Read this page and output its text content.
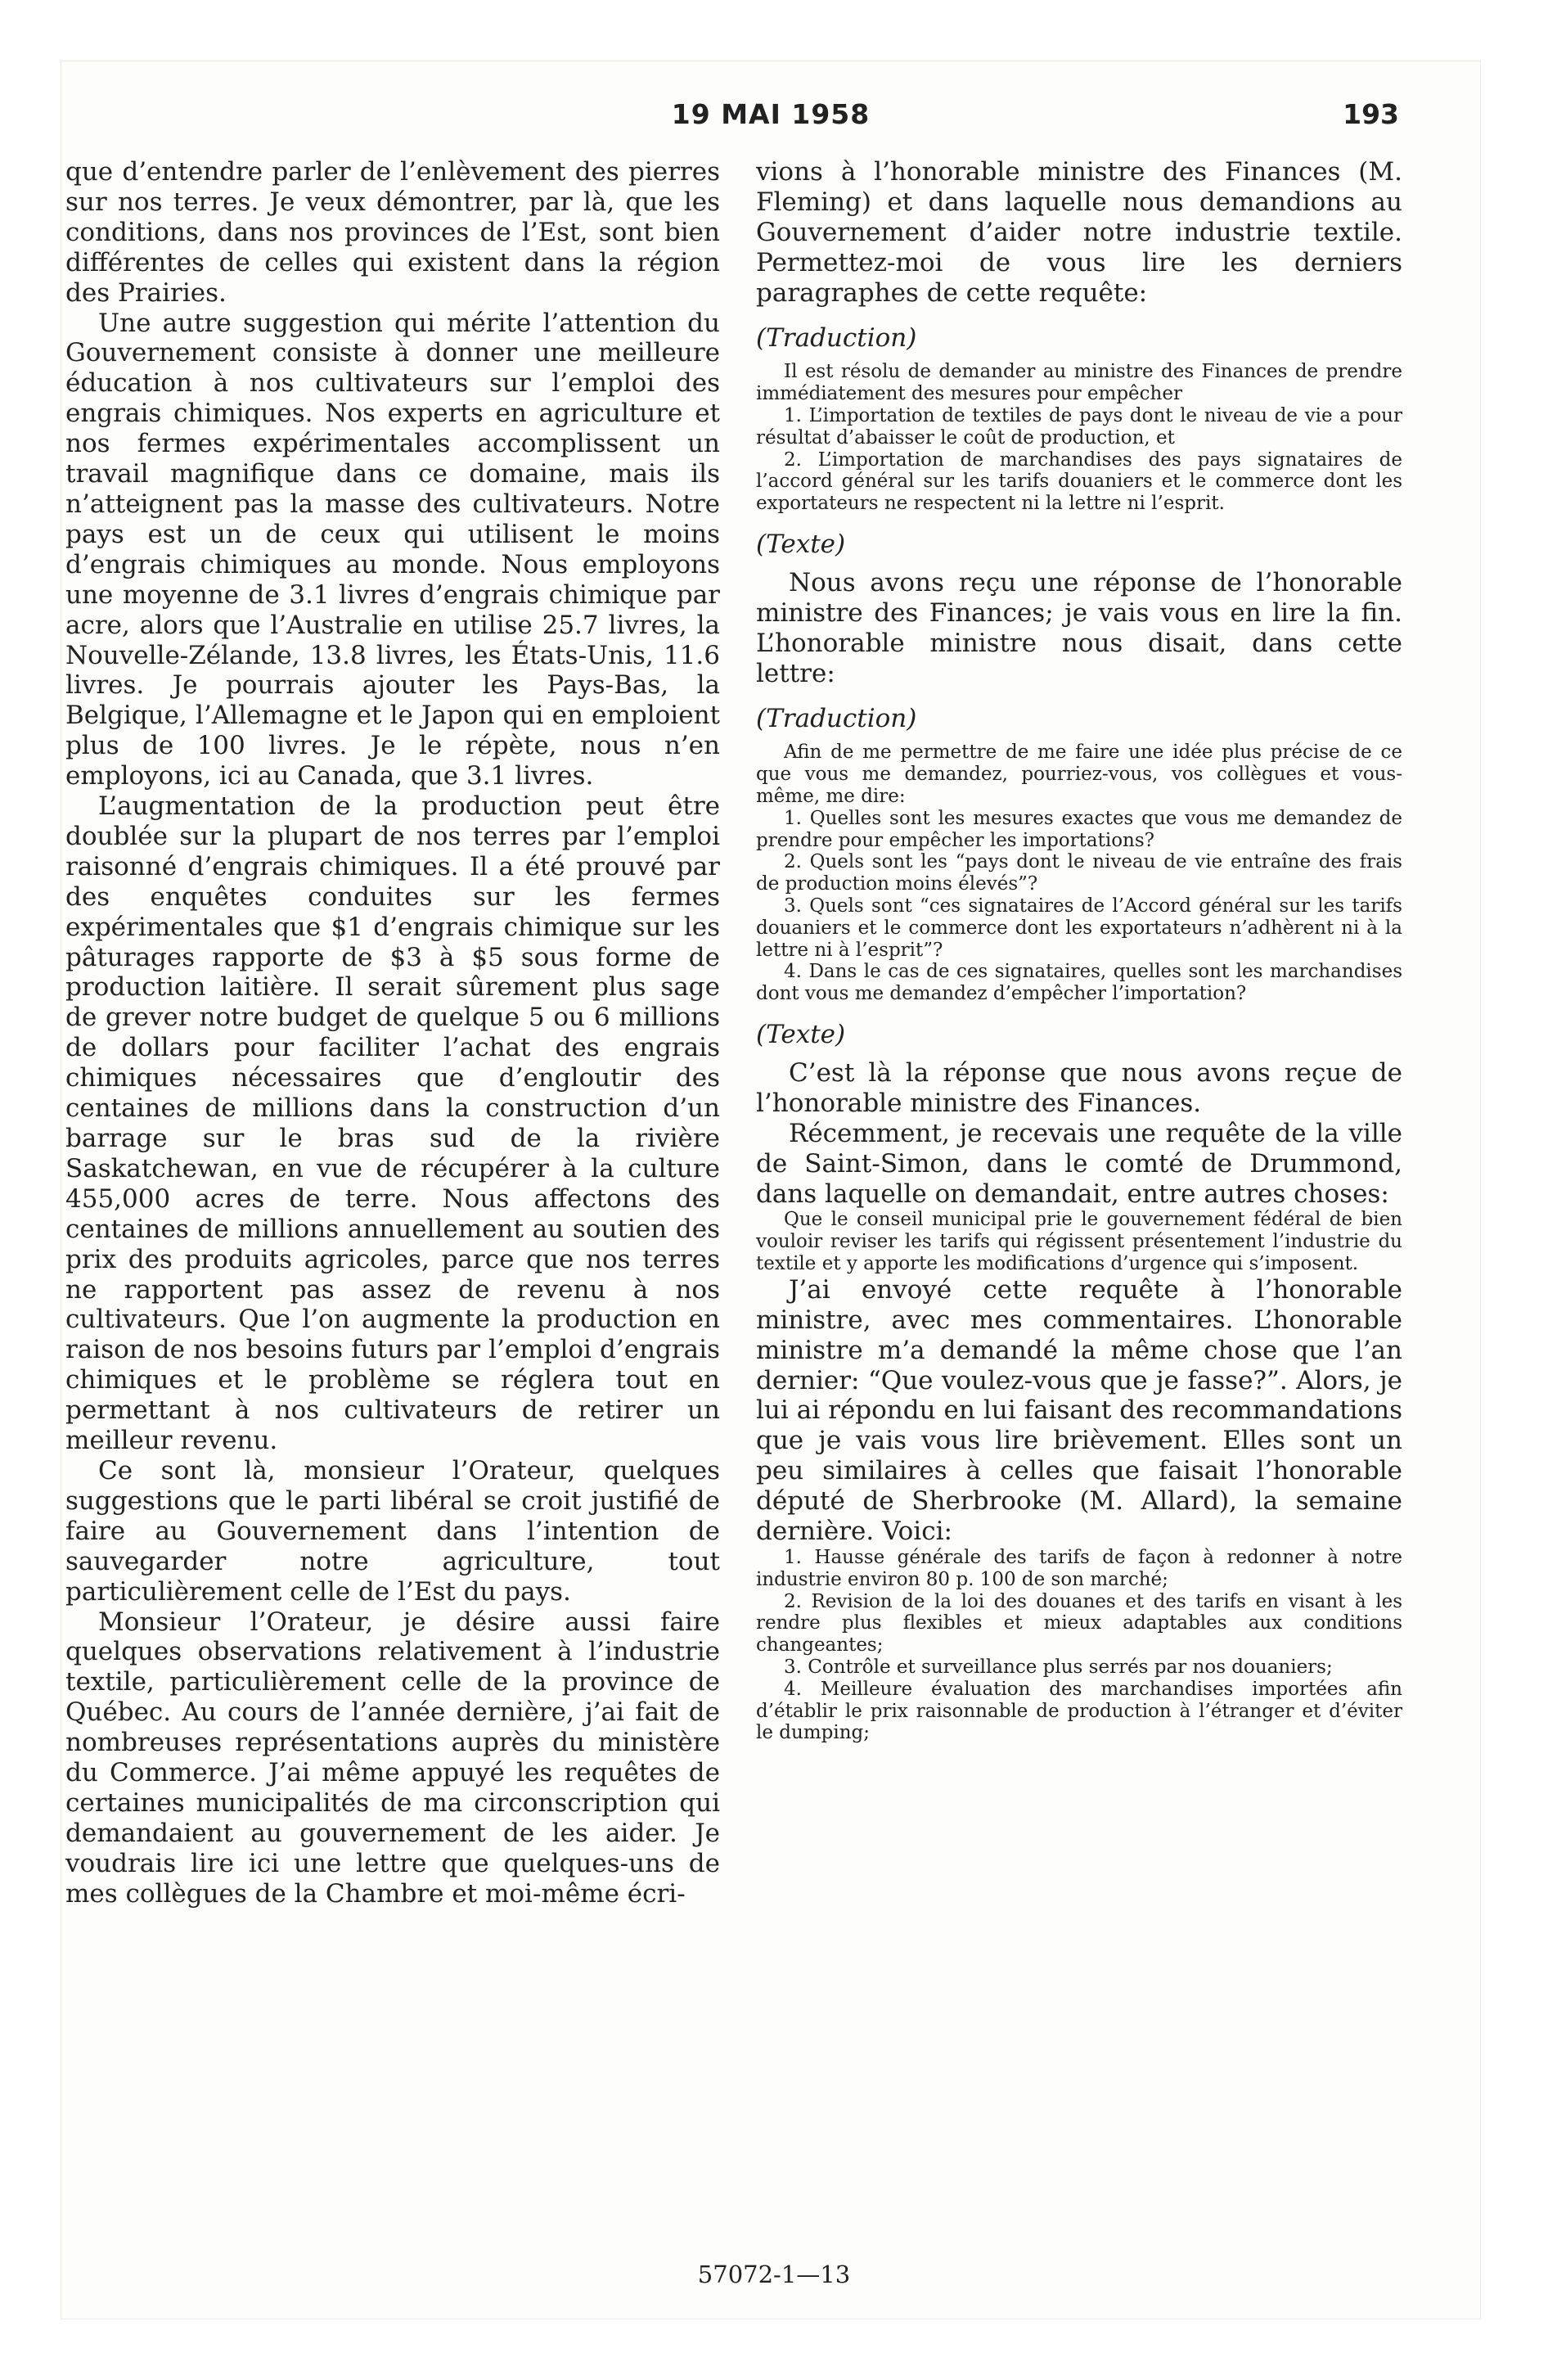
19 MAI 1958	193

que d’entendre parler de l’enlèvement des pierres sur nos terres. Je veux démontrer, par là, que les conditions, dans nos provinces de l’Est, sont bien différentes de celles qui existent dans la région des Prairies.

Une autre suggestion qui mérite l’attention du Gouvernement consiste à donner une meilleure éducation à nos cultivateurs sur l’emploi des engrais chimiques. Nos experts en agriculture et nos fermes expérimentales accomplissent un travail magnifique dans ce domaine, mais ils n’atteignent pas la masse des cultivateurs. Notre pays est un de ceux qui utilisent le moins d’engrais chimiques au monde. Nous employons une moyenne de 3.1 livres d’engrais chimique par acre, alors que l’Australie en utilise 25.7 livres, la Nouvelle-Zélande, 13.8 livres, les États-Unis, 11.6 livres. Je pourrais ajouter les Pays-Bas, la Belgique, l’Allemagne et le Japon qui en emploient plus de 100 livres. Je le répète, nous n’en employons, ici au Canada, que 3.1 livres.

L’augmentation de la production peut être doublée sur la plupart de nos terres par l’emploi raisonné d’engrais chimiques. Il a été prouvé par des enquêtes conduites sur les fermes expérimentales que $1 d’engrais chimique sur les pâturages rapporte de $3 à $5 sous forme de production laitière. Il serait sûrement plus sage de grever notre budget de quelque 5 ou 6 millions de dollars pour faciliter l’achat des engrais chimiques nécessaires que d’engloutir des centaines de millions dans la construction d’un barrage sur le bras sud de la rivière Saskatchewan, en vue de récupérer à la culture 455,000 acres de terre. Nous affectons des centaines de millions annuellement au soutien des prix des produits agricoles, parce que nos terres ne rapportent pas assez de revenu à nos cultivateurs. Que l’on augmente la production en raison de nos besoins futurs par l’emploi d’engrais chimiques et le problème se réglera tout en permettant à nos cultivateurs de retirer un meilleur revenu.

Ce sont là, monsieur l’Orateur, quelques suggestions que le parti libéral se croit justifié de faire au Gouvernement dans l’intention de sauvegarder notre agriculture, tout particulièrement celle de l’Est du pays.

Monsieur l’Orateur, je désire aussi faire quelques observations relativement à l’industrie textile, particulièrement celle de la province de Québec. Au cours de l’année dernière, j’ai fait de nombreuses représentations auprès du ministère du Commerce. J’ai même appuyé les requêtes de certaines municipalités de ma circonscription qui demandaient au gouvernement de les aider. Je voudrais lire ici une lettre que quelques-uns de mes collègues de la Chambre et moi-même écri-

vions à l’honorable ministre des Finances (M. Fleming) et dans laquelle nous demandions au Gouvernement d’aider notre industrie textile. Permettez-moi de vous lire les derniers paragraphes de cette requête:

(Traduction)

Il est résolu de demander au ministre des Finances de prendre immédiatement des mesures pour empêcher

1. L’importation de textiles de pays dont le niveau de vie a pour résultat d’abaisser le coût de production, et

2. L’importation de marchandises des pays signataires de l’accord général sur les tarifs douaniers et le commerce dont les exportateurs ne respectent ni la lettre ni l’esprit.

(Texte)

Nous avons reçu une réponse de l’honorable ministre des Finances; je vais vous en lire la fin. L’honorable ministre nous disait, dans cette lettre:

(Traduction)

Afin de me permettre de me faire une idée plus précise de ce que vous me demandez, pourriez-vous, vos collègues et vous-même, me dire:

1. Quelles sont les mesures exactes que vous me demandez de prendre pour empêcher les importations?

2. Quels sont les “pays dont le niveau de vie entraîne des frais de production moins élevés”?

3. Quels sont “ces signataires de l’Accord général sur les tarifs douaniers et le commerce dont les exportateurs n’adhèrent ni à la lettre ni à l’esprit”?

4. Dans le cas de ces signataires, quelles sont les marchandises dont vous me demandez d’empêcher l’importation?

(Texte)

C’est là la réponse que nous avons reçue de l’honorable ministre des Finances.

Récemment, je recevais une requête de la ville de Saint-Simon, dans le comté de Drummond, dans laquelle on demandait, entre autres choses:

Que le conseil municipal prie le gouvernement fédéral de bien vouloir reviser les tarifs qui régissent présentement l’industrie du textile et y apporte les modifications d’urgence qui s’imposent.

J’ai envoyé cette requête à l’honorable ministre, avec mes commentaires. L’honorable ministre m’a demandé la même chose que l’an dernier: “Que voulez-vous que je fasse?”. Alors, je lui ai répondu en lui faisant des recommandations que je vais vous lire brièvement. Elles sont un peu similaires à celles que faisait l’honorable député de Sherbrooke (M. Allard), la semaine dernière. Voici:

1. Hausse générale des tarifs de façon à redonner à notre industrie environ 80 p. 100 de son marché;

2. Revision de la loi des douanes et des tarifs en visant à les rendre plus flexibles et mieux adaptables aux conditions changeantes;

3. Contrôle et surveillance plus serrés par nos douaniers;

4. Meilleure évaluation des marchandises importées afin d’établir le prix raisonnable de production à l’étranger et d’éviter le dumping;

57072-1—13
